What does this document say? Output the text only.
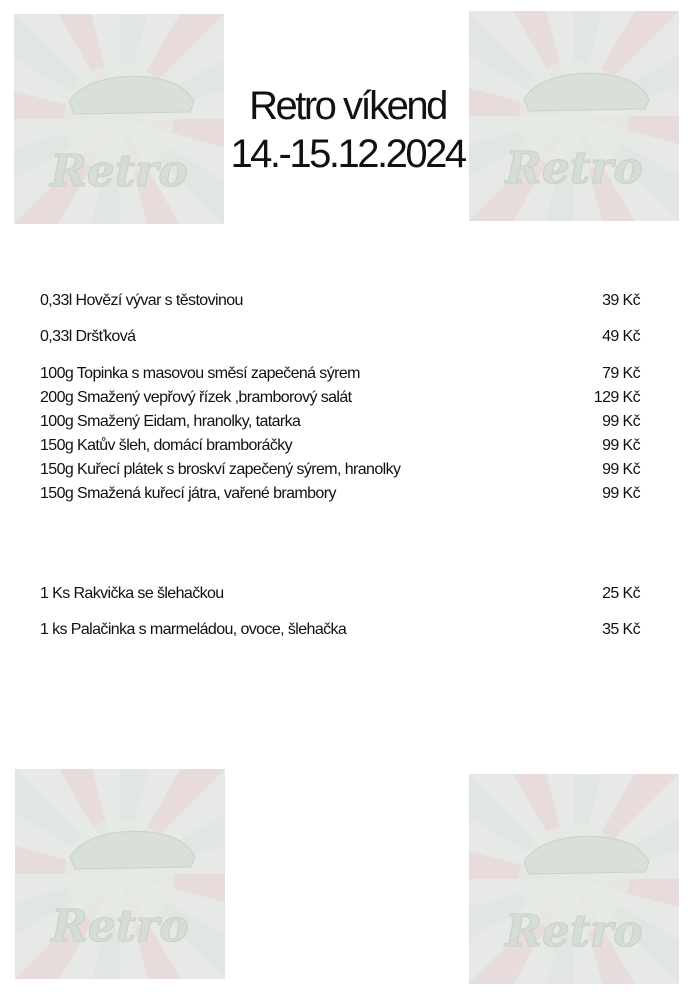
Retro	Retro
Retro	Retro
Retro víkend
14.-15.12.2024
0,33l Hovězí vývar s těstovinou	39 Kč
0,33l Dršťková	49 Kč
100g Topinka s masovou směsí zapečená sýrem	79 Kč
200g Smažený vepřový řízek ,bramborový salát	129 Kč
100g Smažený Eidam, hranolky, tatarka	99 Kč
150g Katův šleh, domácí bramboráčky	99 Kč
150g Kuřecí plátek s broskví zapečený sýrem, hranolky	99 Kč
150g Smažená kuřecí játra, vařené brambory	99 Kč
1 Ks Rakvička se šlehačkou	25 Kč
1 ks Palačinka s marmeládou, ovoce, šlehačka	35 Kč
